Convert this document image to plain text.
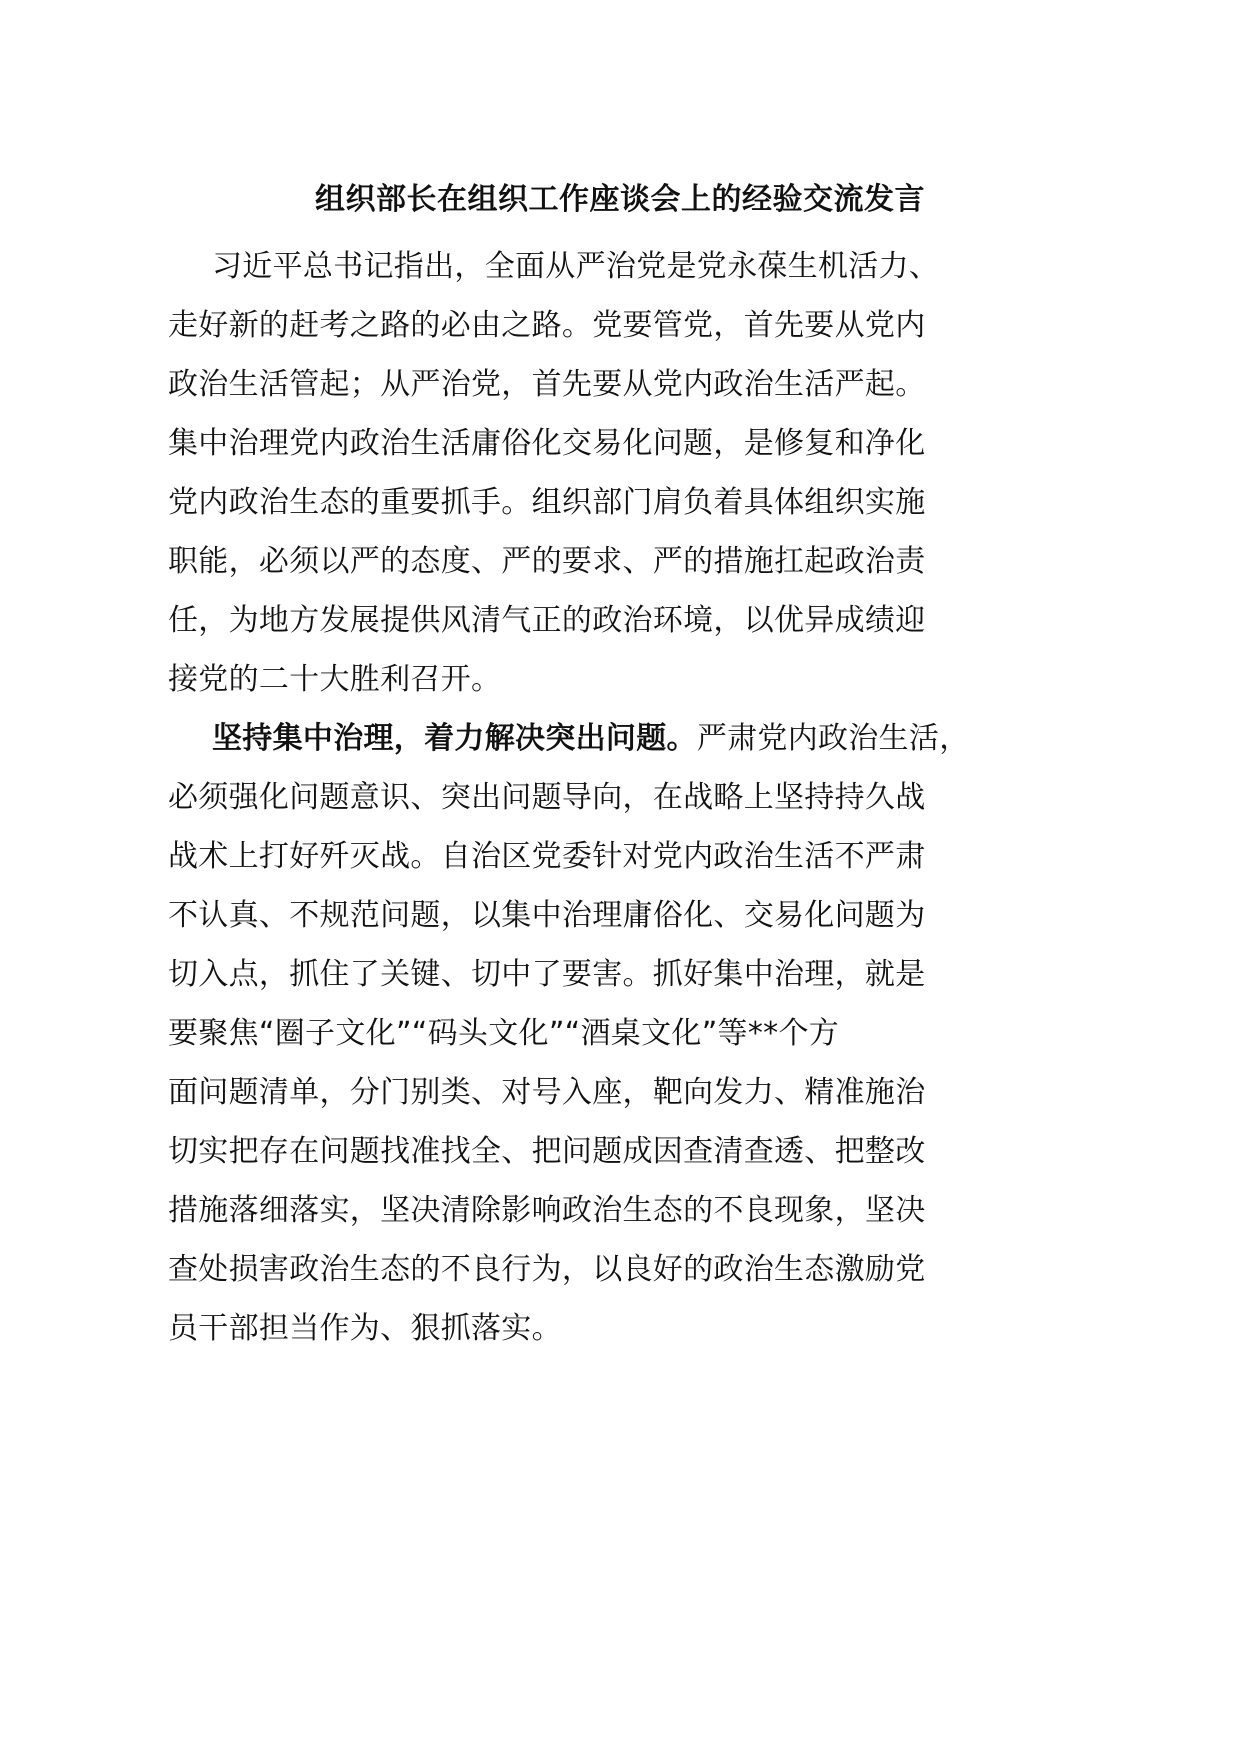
组织部长在组织工作座谈会上的经验交流发言
习近平总书记指出，全面从严治党是党永葆生机活力、
走好新的赶考之路的必由之路。党要管党，首先要从党内
政治生活管起；从严治党，首先要从党内政治生活严起。
集中治理党内政治生活庸俗化交易化问题，是修复和净化
党内政治生态的重要抓手。组织部门肩负着具体组织实施
职能，必须以严的态度、严的要求、严的措施扛起政治责
任，为地方发展提供风清气正的政治环境，以优异成绩迎
接党的二十大胜利召开。
坚持集中治理，着力解决突出问题。严肃党内政治生活，
必须强化问题意识、突出问题导向，在战略上坚持持久战
战术上打好歼灭战。自治区党委针对党内政治生活不严肃
不认真、不规范问题，以集中治理庸俗化、交易化问题为
切入点，抓住了关键、切中了要害。抓好集中治理，就是
要聚焦“圈子文化”“码头文化”“酒桌文化”等**个方
面问题清单，分门别类、对号入座，靶向发力、精准施治
切实把存在问题找准找全、把问题成因查清查透、把整改
措施落细落实，坚决清除影响政治生态的不良现象，坚决
查处损害政治生态的不良行为，以良好的政治生态激励党
员干部担当作为、狠抓落实。
